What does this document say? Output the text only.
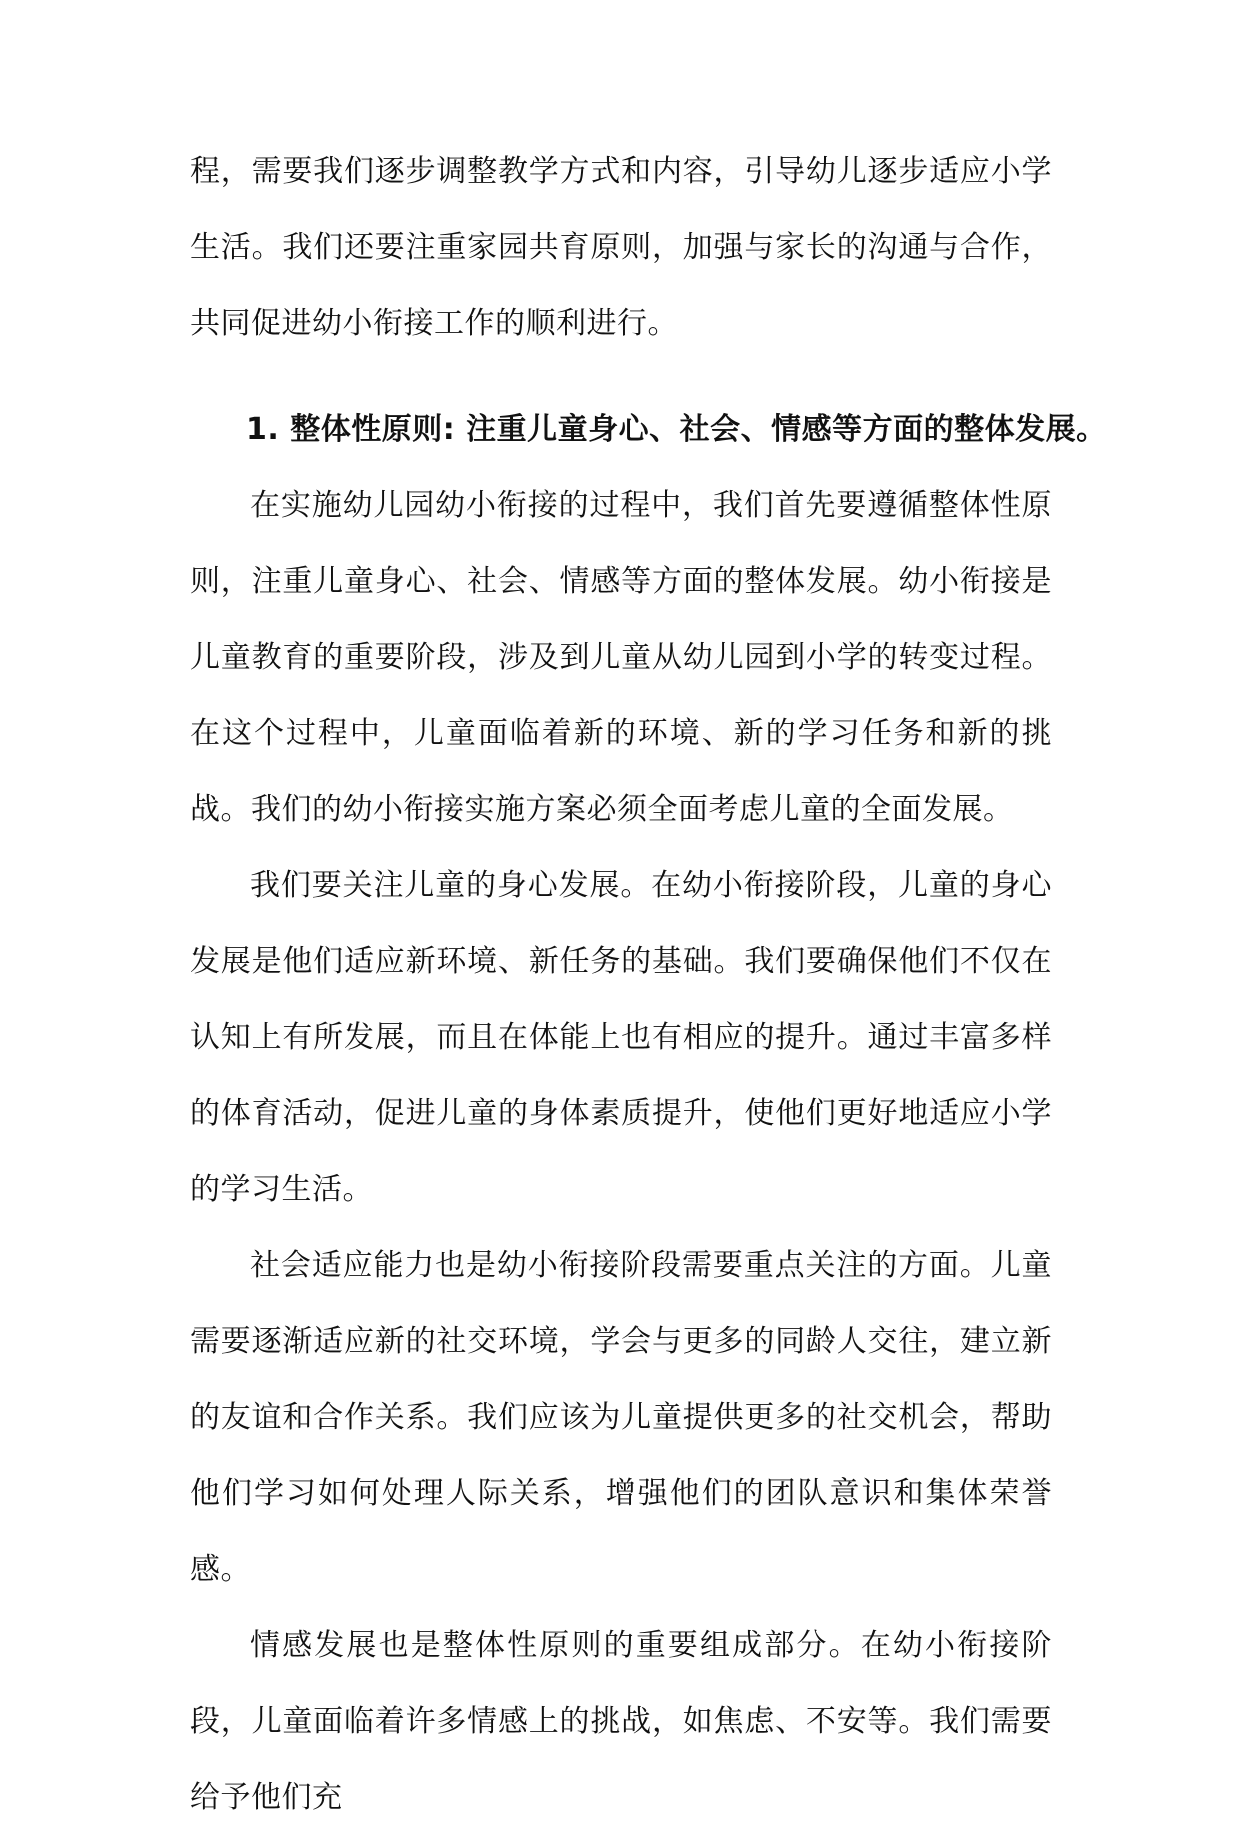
程，需要我们逐步调整教学方式和内容，引导幼儿逐步适应小学生活。我们还要注重家园共育原则，加强与家长的沟通与合作，共同促进幼小衔接工作的顺利进行。

1. 整体性原则: 注重儿童身心、社会、情感等方面的整体发展。

在实施幼儿园幼小衔接的过程中，我们首先要遵循整体性原则，注重儿童身心、社会、情感等方面的整体发展。幼小衔接是儿童教育的重要阶段，涉及到儿童从幼儿园到小学的转变过程。在这个过程中，儿童面临着新的环境、新的学习任务和新的挑战。我们的幼小衔接实施方案必须全面考虑儿童的全面发展。

我们要关注儿童的身心发展。在幼小衔接阶段，儿童的身心发展是他们适应新环境、新任务的基础。我们要确保他们不仅在认知上有所发展，而且在体能上也有相应的提升。通过丰富多样的体育活动，促进儿童的身体素质提升，使他们更好地适应小学的学习生活。

社会适应能力也是幼小衔接阶段需要重点关注的方面。儿童需要逐渐适应新的社交环境，学会与更多的同龄人交往，建立新的友谊和合作关系。我们应该为儿童提供更多的社交机会，帮助他们学习如何处理人际关系，增强他们的团队意识和集体荣誉感。

情感发展也是整体性原则的重要组成部分。在幼小衔接阶段，儿童面临着许多情感上的挑战，如焦虑、不安等。我们需要给予他们充
